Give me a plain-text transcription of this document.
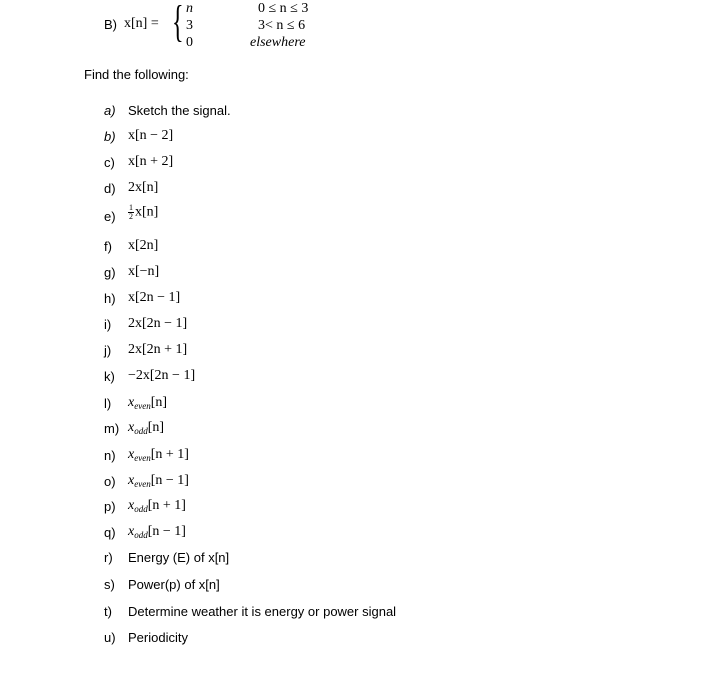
B) x[n] = { n
3
0
0 ≤ n ≤ 3
3< n ≤ 6
elsewhere
Find the following:
a) Sketch the signal.
b) x[n − 2]
c) x[n + 2]
d) 2x[n]
$e) \frac{1}{2} x[n]$
f) x[2n]
g) x[−n]
h) x[2n − 1]
i) 2x[2n − 1]
j) 2x[2n + 1]
k) −2x[2n − 1]
l) $x_{even}[n]$
m) $x_{odd}[n]$
n) $x_{even}[n + 1]$
o) $x_{even}[n - 1]$
p) $x_{odd}[n + 1]$
q) $x_{odd}[n - 1]$
r) Energy (E) of x[n]
s) Power(p) of x[n]
t) Determine weather it is energy or power signal
u) Periodicity
